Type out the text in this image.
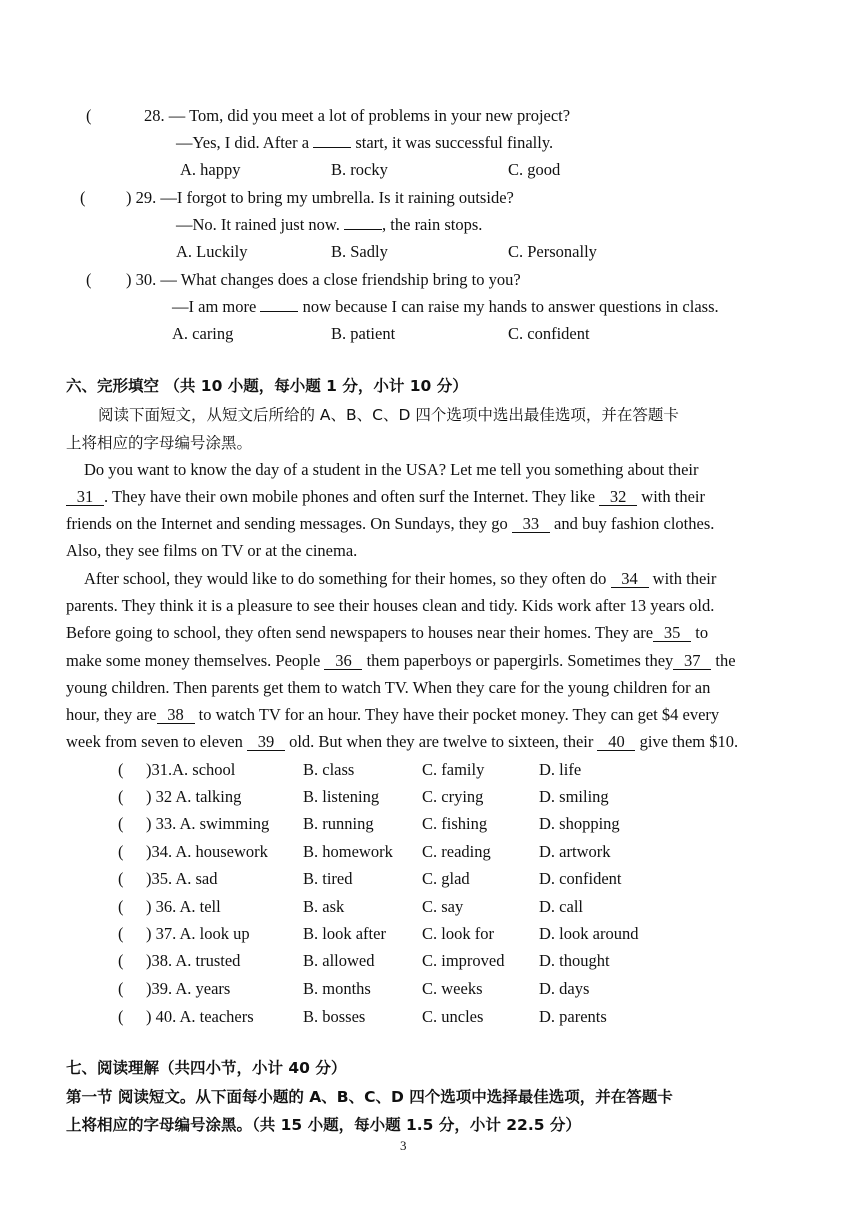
(	28. — Tom, did you meet a lot of problems in your new project?
—Yes, I did. After a	start, it was successful finally.
A. happy	B. rocky	C. good
( ) 29. —I forgot to bring my umbrella. Is it raining outside?
—No. It rained just now.	, the rain stops.
A. Luckily	B. Sadly	C. Personally
( ) 30. — What changes does a close friendship bring to you?
—I am more	now because I can raise my hands to answer questions in class.
A. caring	B. patient	C. confident
六、完形填空 （共 10 小题，每小题 1 分，小计 10 分）
阅读下面短文，从短文后所给的 A、B、C、D 四个选项中选出最佳选项，并在答题卡
上将相应的字母编号涂黑。
Do you want to know the day of a student in the USA? Let me tell you something about their
31 . They have their own mobile phones and often surf the Internet. They like 32 with their
friends on the Internet and sending messages. On Sundays, they go 33 and buy fashion clothes.
Also, they see films on TV or at the cinema.
After school, they would like to do something for their homes, so they often do 34 with their
parents. They think it is a pleasure to see their houses clean and tidy. Kids work after 13 years old.
Before going to school, they often send newspapers to houses near their homes. They are 35 to
make some money themselves. People 36 them paperboys or papergirls. Sometimes they 37 the
young children. Then parents get them to watch TV. When they care for the young children for an
hour, they are 38 to watch TV for an hour. They have their pocket money. They can get $4 every
week from seven to eleven 39 old. But when they are twelve to sixteen, their 40 give them $10.
( )31.A. school	B. class	C. family	D. life
( ) 32 A. talking	B. listening	C. crying	D. smiling
( ) 33. A. swimming B. running	C. fishing	D. shopping
( )34. A. housework B. homework C. reading	D. artwork
( )35. A. sad	B. tired	C. glad	D. confident
( ) 36. A. tell	B. ask	C. say	D. call
( ) 37. A. look up	B. look after C. look for	D. look around
( )38. A. trusted	B. allowed	C. improved D. thought
( )39. A. years	B. months	C. weeks	D. days
( ) 40. A. teachers	B. bosses	C. uncles	D. parents
七、阅读理解（共四小节，小计 40 分）
第一节 阅读短文。从下面每小题的 A、B、C、D 四个选项中选择最佳选项，并在答题卡
上将相应的字母编号涂黑。（共 15 小题，每小题 1.5 分，小计 22.5 分）
3
